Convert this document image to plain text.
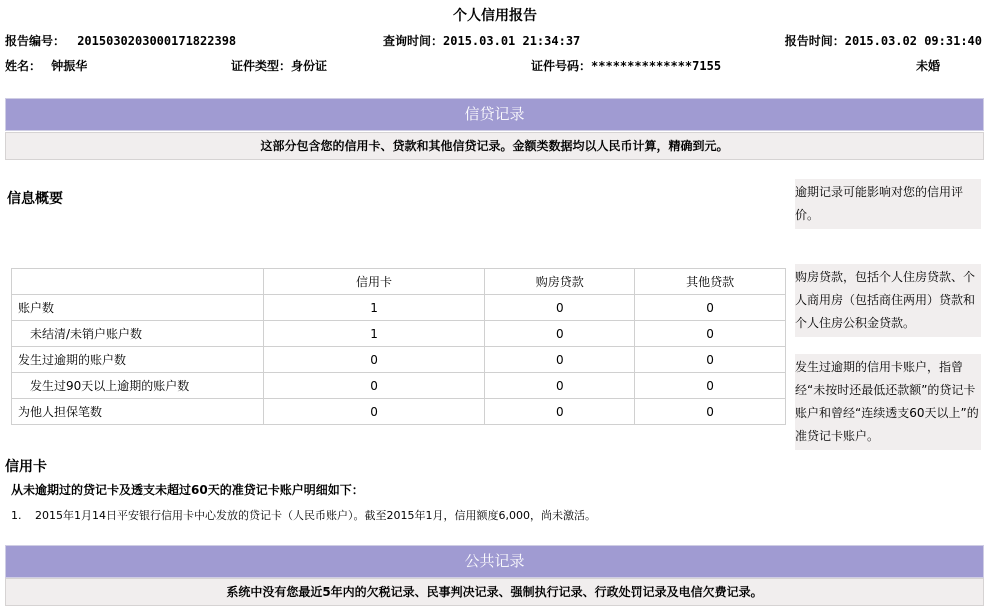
个人信用报告
报告编号： 2015030203000171822398	查询时间：2015.03.01 21:34:37	报告时间：2015.03.02 09:31:40
姓名： 钟振华	证件类型：身份证	证件号码：**************7155	未婚
信贷记录
这部分包含您的信用卡、贷款和其他信贷记录。金额类数据均以人民币计算，精确到元。
信息概要	逾期记录可能影响对您的信用评价。
购房贷款，包括个人住房贷款、个人商用房（包括商住两用）贷款和个人住房公积金贷款。
发生过逾期的信用卡账户，指曾经“未按时还最低还款额”的贷记卡账户和曾经“连续透支60天以上”的准贷记卡账户。
	信用卡	购房贷款	其他贷款
账户数	1	0	0
未结清/未销户账户数	1	0	0
发生过逾期的账户数	0	0	0
发生过90天以上逾期的账户数	0	0	0
为他人担保笔数	0	0	0
信用卡
从未逾期过的贷记卡及透支未超过60天的准贷记卡账户明细如下：
1. 2015年1月14日平安银行信用卡中心发放的贷记卡（人民币账户）。截至2015年1月，信用额度6,000，尚未激活。
公共记录
系统中没有您最近5年内的欠税记录、民事判决记录、强制执行记录、行政处罚记录及电信欠费记录。
